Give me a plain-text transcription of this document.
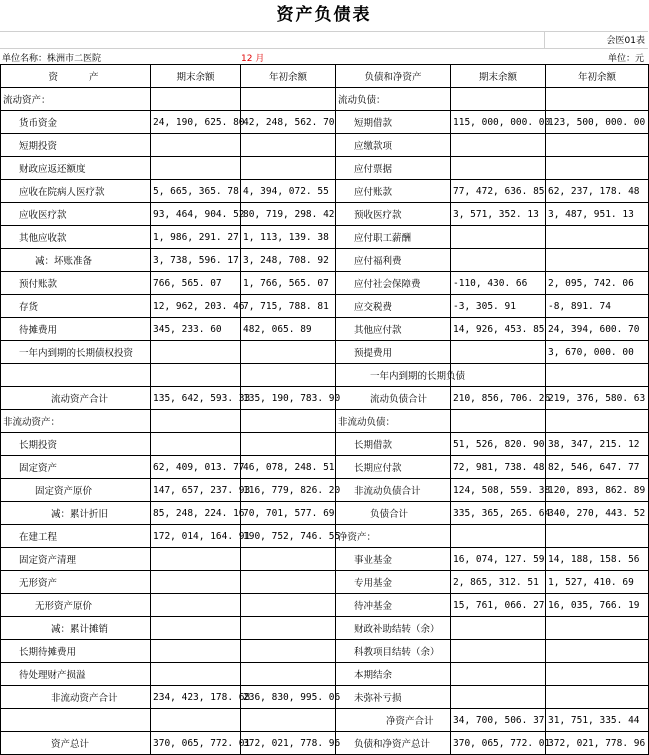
资产负债表
会医01表
单位名称：株洲市二医院	12 月	单位：元
资　　产	期末余额	年初余额	负债和净资产	期末余额	年初余额
流动资产：			流动负债：		
货币资金	24, 190, 625. 80	42, 248, 562. 70	短期借款	115, 000, 000. 00	123, 500, 000. 00
短期投资			应缴款项		
财政应返还额度			应付票据		
应收在院病人医疗款	5, 665, 365. 78	4, 394, 072. 55	应付账款	77, 472, 636. 85	62, 237, 178. 48
应收医疗款	93, 464, 904. 52	80, 719, 298. 42	预收医疗款	3, 571, 352. 13	3, 487, 951. 13
其他应收款	1, 986, 291. 27	1, 113, 139. 38	应付职工薪酬		
减：坏账准备	3, 738, 596. 17	3, 248, 708. 92	应付福利费		
预付账款	766, 565. 07	1, 766, 565. 07	应付社会保障费	-110, 430. 66	2, 095, 742. 06
存货	12, 962, 203. 46	7, 715, 788. 81	应交税费	-3, 305. 91	-8, 891. 74
待摊费用	345, 233. 60	482, 065. 89	其他应付款	14, 926, 453. 85	24, 394, 600. 70
一年内到期的长期债权投资			预提费用		3, 670, 000. 00
			一年内到期的长期负债		
流动资产合计	135, 642, 593. 33	135, 190, 783. 90	流动负债合计	210, 856, 706. 26	219, 376, 580. 63
非流动资产：			非流动负债：		
长期投资			长期借款	51, 526, 820. 90	38, 347, 215. 12
固定资产	62, 409, 013. 77	46, 078, 248. 51	长期应付款	72, 981, 738. 48	82, 546, 647. 77
固定资产原价	147, 657, 237. 93	116, 779, 826. 20	非流动负债合计	124, 508, 559. 38	120, 893, 862. 89
减：累计折旧	85, 248, 224. 16	70, 701, 577. 69	负债合计	335, 365, 265. 64	340, 270, 443. 52
在建工程	172, 014, 164. 91	190, 752, 746. 55	净资产：		
固定资产清理			事业基金	16, 074, 127. 59	14, 188, 158. 56
无形资产			专用基金	2, 865, 312. 51	1, 527, 410. 69
无形资产原价			待冲基金	15, 761, 066. 27	16, 035, 766. 19
减：累计摊销			财政补助结转（余）		
长期待摊费用			科教项目结转（余）		
待处理财产损溢			本期结余		
非流动资产合计	234, 423, 178. 68	236, 830, 995. 06	未弥补亏损		
			净资产合计	34, 700, 506. 37	31, 751, 335. 44
资产总计	370, 065, 772. 01	372, 021, 778. 96	负债和净资产总计	370, 065, 772. 01	372, 021, 778. 96
